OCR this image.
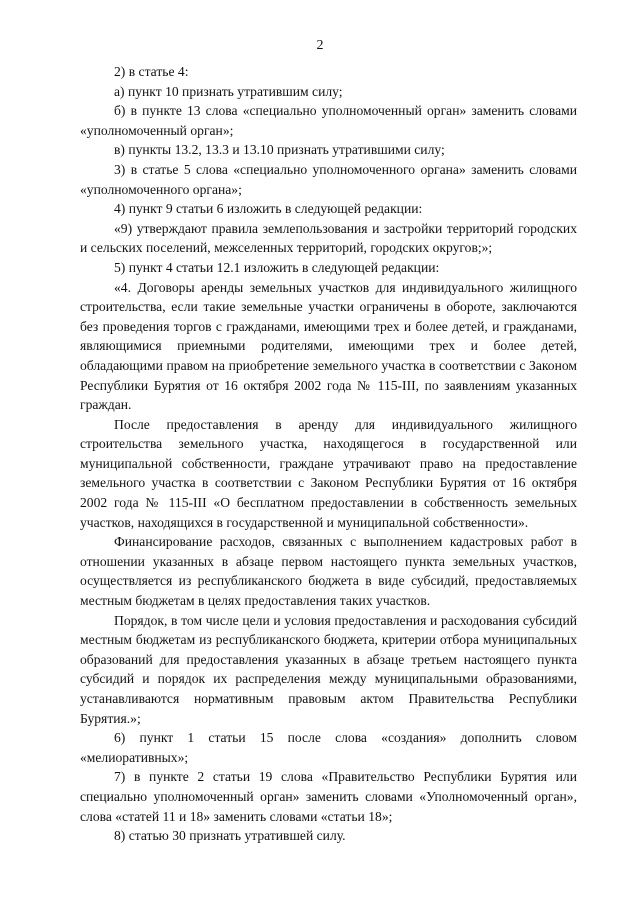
2

2) в статье 4:

а) пункт 10 признать утратившим силу;

б) в пункте 13 слова «специально уполномоченный орган» заменить словами «уполномоченный орган»;

в) пункты 13.2, 13.3 и 13.10 признать утратившими силу;

3) в статье 5 слова «специально уполномоченного органа» заменить словами «уполномоченного органа»;

4) пункт 9 статьи 6 изложить в следующей редакции:

«9) утверждают правила землепользования и застройки территорий городских и сельских поселений, межселенных территорий, городских округов;»;

5) пункт 4 статьи 12.1 изложить в следующей редакции:

«4. Договоры аренды земельных участков для индивидуального жилищного строительства, если такие земельные участки ограничены в обороте, заключаются без проведения торгов с гражданами, имеющими трех и более детей, и гражданами, являющимися приемными родителями, имеющими трех и более детей, обладающими правом на приобретение земельного участка в соответствии с Законом Республики Бурятия от 16 октября 2002 года № 115-III, по заявлениям указанных граждан.

После предоставления в аренду для индивидуального жилищного строительства земельного участка, находящегося в государственной или муниципальной собственности, граждане утрачивают право на предоставление земельного участка в соответствии с Законом Республики Бурятия от 16 октября 2002 года № 115-III «О бесплатном предоставлении в собственность земельных участков, находящихся в государственной и муниципальной собственности».

Финансирование расходов, связанных с выполнением кадастровых работ в отношении указанных в абзаце первом настоящего пункта земельных участков, осуществляется из республиканского бюджета в виде субсидий, предоставляемых местным бюджетам в целях предоставления таких участков.

Порядок, в том числе цели и условия предоставления и расходования субсидий местным бюджетам из республиканского бюджета, критерии отбора муниципальных образований для предоставления указанных в абзаце третьем настоящего пункта субсидий и порядок их распределения между муниципальными образованиями, устанавливаются нормативным правовым актом Правительства Республики Бурятия.»;

6) пункт 1 статьи 15 после слова «создания» дополнить словом «мелиоративных»;

7) в пункте 2 статьи 19 слова «Правительство Республики Бурятия или специально уполномоченный орган» заменить словами «Уполномоченный орган», слова «статей 11 и 18» заменить словами «статьи 18»;

8) статью 30 признать утратившей силу.
